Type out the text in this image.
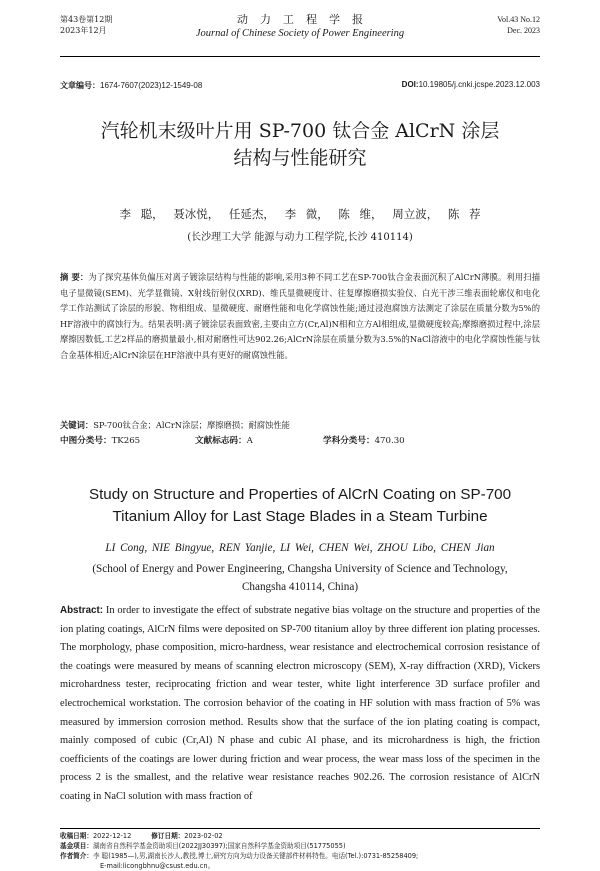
第43卷第12期
2023年12月
动力工程学报
Journal of Chinese Society of Power Engineering
Vol.43 No.12
Dec. 2023
文章编号：1674-7607(2023)12-1549-08	DOI:10.19805/j.cnki.jcspe.2023.12.003
汽轮机末级叶片用 SP-700 钛合金 AlCrN 涂层
结构与性能研究
李 聪， 聂冰悦， 任延杰， 李 微， 陈 维， 周立波， 陈 荐
(长沙理工大学 能源与动力工程学院,长沙 410114)
摘 要：为了探究基体负偏压对离子镀涂层结构与性能的影响,采用3种不同工艺在SP-700钛合金表面沉积了AlCrN薄膜。利用扫描电子显微镜(SEM)、光学显微镜、X射线衍射仪(XRD)、维氏显微硬度计、往复摩擦磨损实验仪、白光干涉三维表面轮廓仪和电化学工作站测试了涂层的形貌、物相组成、显微硬度、耐磨性能和电化学腐蚀性能;通过浸泡腐蚀方法测定了涂层在质量分数为5%的HF溶液中的腐蚀行为。结果表明:离子镀涂层表面致密,主要由立方(Cr,Al)N相和立方Al相组成,显微硬度较高;摩擦磨损过程中,涂层摩擦因数低,工艺2样品的磨损量最小,相对耐磨性可达902.26;AlCrN涂层在质量分数为3.5%的NaCl溶液中的电化学腐蚀性能与钛合金基体相近;AlCrN涂层在HF溶液中具有更好的耐腐蚀性能。
关键词：SP-700钛合金；AlCrN涂层；摩擦磨损；耐腐蚀性能
中图分类号：TK265	文献标志码：A	学科分类号：470.30
Study on Structure and Properties of AlCrN Coating on SP-700
Titanium Alloy for Last Stage Blades in a Steam Turbine
LI Cong, NIE Bingyue, REN Yanjie, LI Wei, CHEN Wei, ZHOU Libo, CHEN Jian
(School of Energy and Power Engineering, Changsha University of Science and Technology,
Changsha 410114, China)
Abstract: In order to investigate the effect of substrate negative bias voltage on the structure and properties of the ion plating coatings, AlCrN films were deposited on SP-700 titanium alloy by three different ion plating processes. The morphology, phase composition, micro-hardness, wear resistance and electrochemical corrosion resistance of the coatings were measured by means of scanning electron microscopy (SEM), X-ray diffraction (XRD), Vickers microhardness tester, reciprocating friction and wear tester, white light interference 3D surface profiler and electrochemical workstation. The corrosion behavior of the coating in HF solution with mass fraction of 5% was measured by immersion corrosion method. Results show that the surface of the ion plating coating is compact, mainly composed of cubic (Cr,Al) N phase and cubic Al phase, and its microhardness is high, the friction coefficients of the coatings are lower during friction and wear process, the wear mass loss of the specimen in the process 2 is the smallest, and the relative wear resistance reaches 902.26. The corrosion resistance of AlCrN coating in NaCl solution with mass fraction of
收稿日期：2022-12-12	修订日期：2023-02-02
基金项目：湖南省自然科学基金资助项目(2022JJ30397);国家自然科学基金资助项目(51775055)
作者简介：李 聪(1985—),男,湖南长沙人,教授,博士,研究方向为动力设备关键部件材料特性。电话(Tel.):0731-85258409;
E-mail:licongbhnu@csust.edu.cn。
